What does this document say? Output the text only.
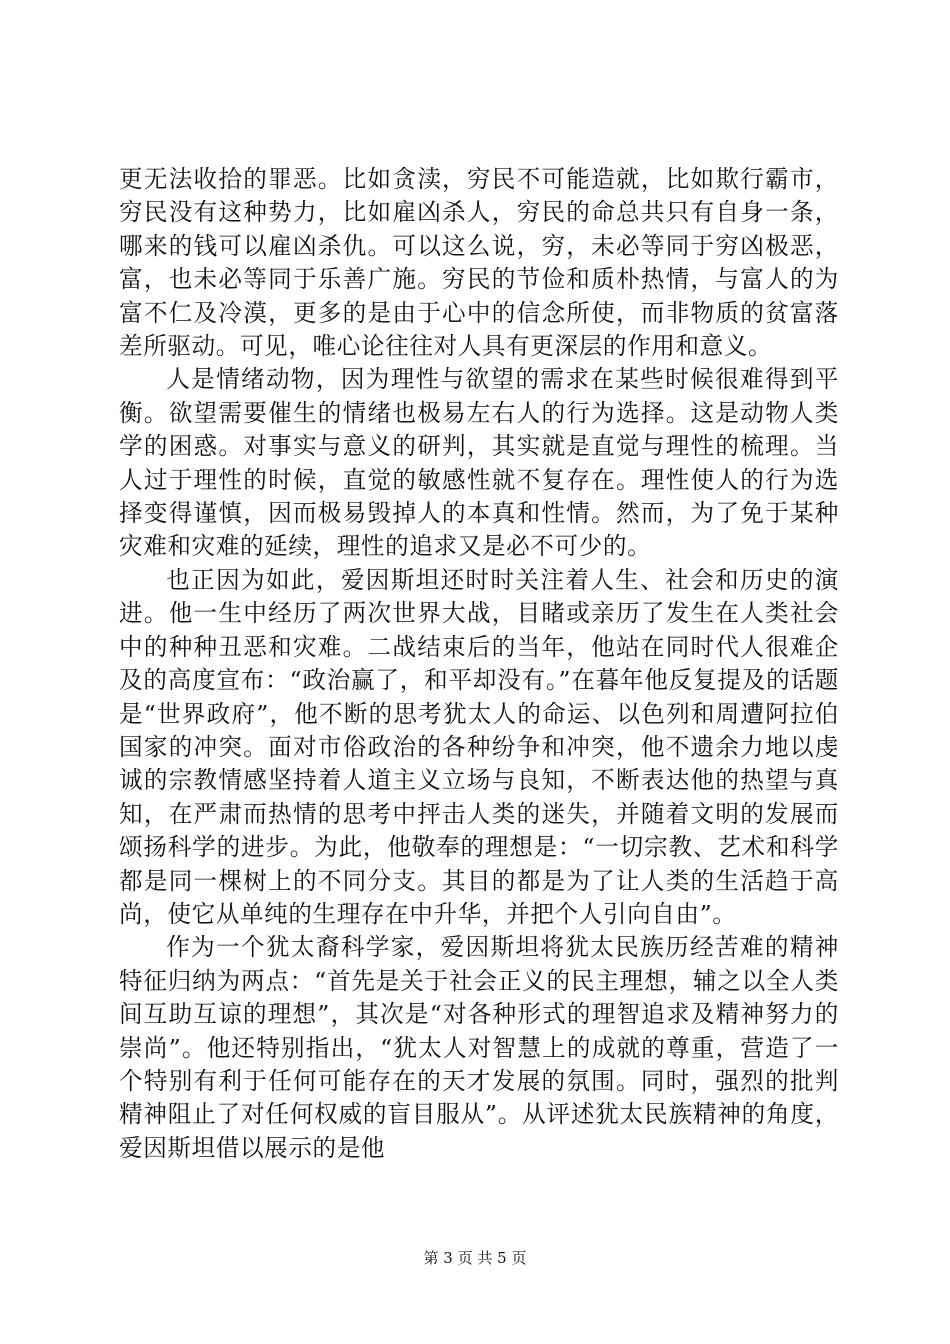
更无法收拾的罪恶。比如贪渎，穷民不可能造就，比如欺行霸市，穷民没有这种势力，比如雇凶杀人，穷民的命总共只有自身一条，哪来的钱可以雇凶杀仇。可以这么说，穷，未必等同于穷凶极恶，富，也未必等同于乐善广施。穷民的节俭和质朴热情，与富人的为富不仁及冷漠，更多的是由于心中的信念所使，而非物质的贫富落差所驱动。可见，唯心论往往对人具有更深层的作用和意义。

人是情绪动物，因为理性与欲望的需求在某些时候很难得到平衡。欲望需要催生的情绪也极易左右人的行为选择。这是动物人类学的困惑。对事实与意义的研判，其实就是直觉与理性的梳理。当人过于理性的时候，直觉的敏感性就不复存在。理性使人的行为选择变得谨慎，因而极易毁掉人的本真和性情。然而，为了免于某种灾难和灾难的延续，理性的追求又是必不可少的。

也正因为如此，爱因斯坦还时时关注着人生、社会和历史的演进。他一生中经历了两次世界大战，目睹或亲历了发生在人类社会中的种种丑恶和灾难。二战结束后的当年，他站在同时代人很难企及的高度宣布：“政治赢了，和平却没有。”在暮年他反复提及的话题是“世界政府”，他不断的思考犹太人的命运、以色列和周遭阿拉伯国家的冲突。面对市俗政治的各种纷争和冲突，他不遗余力地以虔诚的宗教情感坚持着人道主义立场与良知，不断表达他的热望与真知，在严肃而热情的思考中抨击人类的迷失，并随着文明的发展而颂扬科学的进步。为此，他敬奉的理想是：“一切宗教、艺术和科学都是同一棵树上的不同分支。其目的都是为了让人类的生活趋于高尚，使它从单纯的生理存在中升华，并把个人引向自由”。

作为一个犹太裔科学家，爱因斯坦将犹太民族历经苦难的精神特征归纳为两点：“首先是关于社会正义的民主理想，辅之以全人类间互助互谅的理想”，其次是“对各种形式的理智追求及精神努力的崇尚”。他还特别指出，“犹太人对智慧上的成就的尊重，营造了一个特别有利于任何可能存在的天才发展的氛围。同时，强烈的批判精神阻止了对任何权威的盲目服从”。从评述犹太民族精神的角度，爱因斯坦借以展示的是他

第 3 页 共 5 页
